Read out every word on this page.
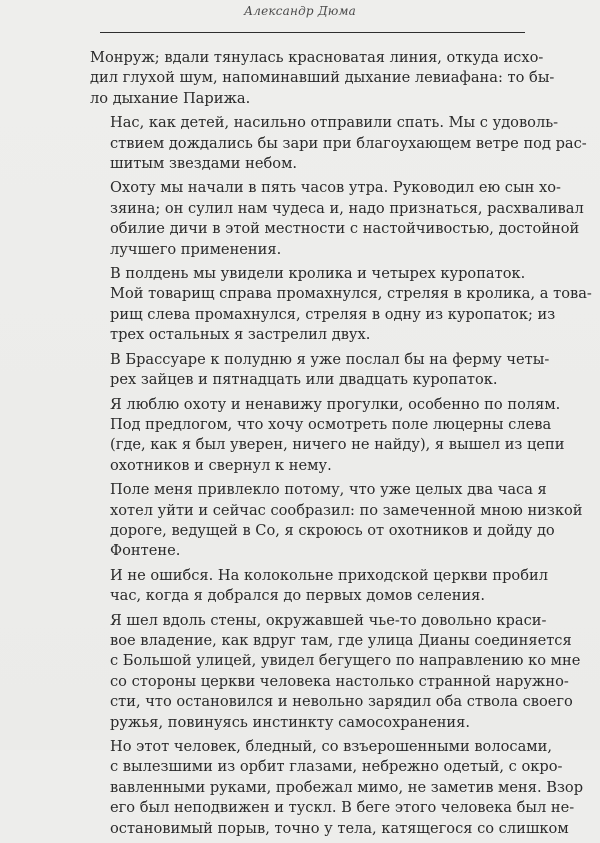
Александр Дюма
Монруж; вдали тянулась красноватая линия, откуда исхо-
дил глухой шум, напоминавший дыхание левиафана: то бы-
ло дыхание Парижа.
Нас, как детей, насильно отправили спать. Мы с удоволь-
ствием дождались бы зари при благоухающем ветре под рас-
шитым звездами небом.
Охоту мы начали в пять часов утра. Руководил ею сын хо-
зяина; он сулил нам чудеса и, надо признаться, расхваливал
обилие дичи в этой местности с настойчивостью, достойной
лучшего применения.
В полдень мы увидели кролика и четырех куропаток.
Мой товарищ справа промахнулся, стреляя в кролика, а това-
рищ слева промахнулся, стреляя в одну из куропаток; из
трех остальных я застрелил двух.
В Брассуаре к полудню я уже послал бы на ферму четы-
рех зайцев и пятнадцать или двадцать куропаток.
Я люблю охоту и ненавижу прогулки, особенно по полям.
Под предлогом, что хочу осмотреть поле люцерны слева
(где, как я был уверен, ничего не найду), я вышел из цепи
охотников и свернул к нему.
Поле меня привлекло потому, что уже целых два часа я
хотел уйти и сейчас сообразил: по замеченной мною низкой
дороге, ведущей в Со, я скроюсь от охотников и дойду до
Фонтене.
И не ошибся. На колокольне приходской церкви пробил
час, когда я добрался до первых домов селения.
Я шел вдоль стены, окружавшей чье-то довольно краси-
вое владение, как вдруг там, где улица Дианы соединяется
с Большой улицей, увидел бегущего по направлению ко мне
со стороны церкви человека настолько странной наружно-
сти, что остановился и невольно зарядил оба ствола своего
ружья, повинуясь инстинкту самосохранения.
Но этот человек, бледный, со взъерошенными волосами,
с вылезшими из орбит глазами, небрежно одетый, с окро-
вавленными руками, пробежал мимо, не заметив меня. Взор
его был неподвижен и тускл. В беге этого человека был не-
остановимый порыв, точно у тела, катящегося со слишком
